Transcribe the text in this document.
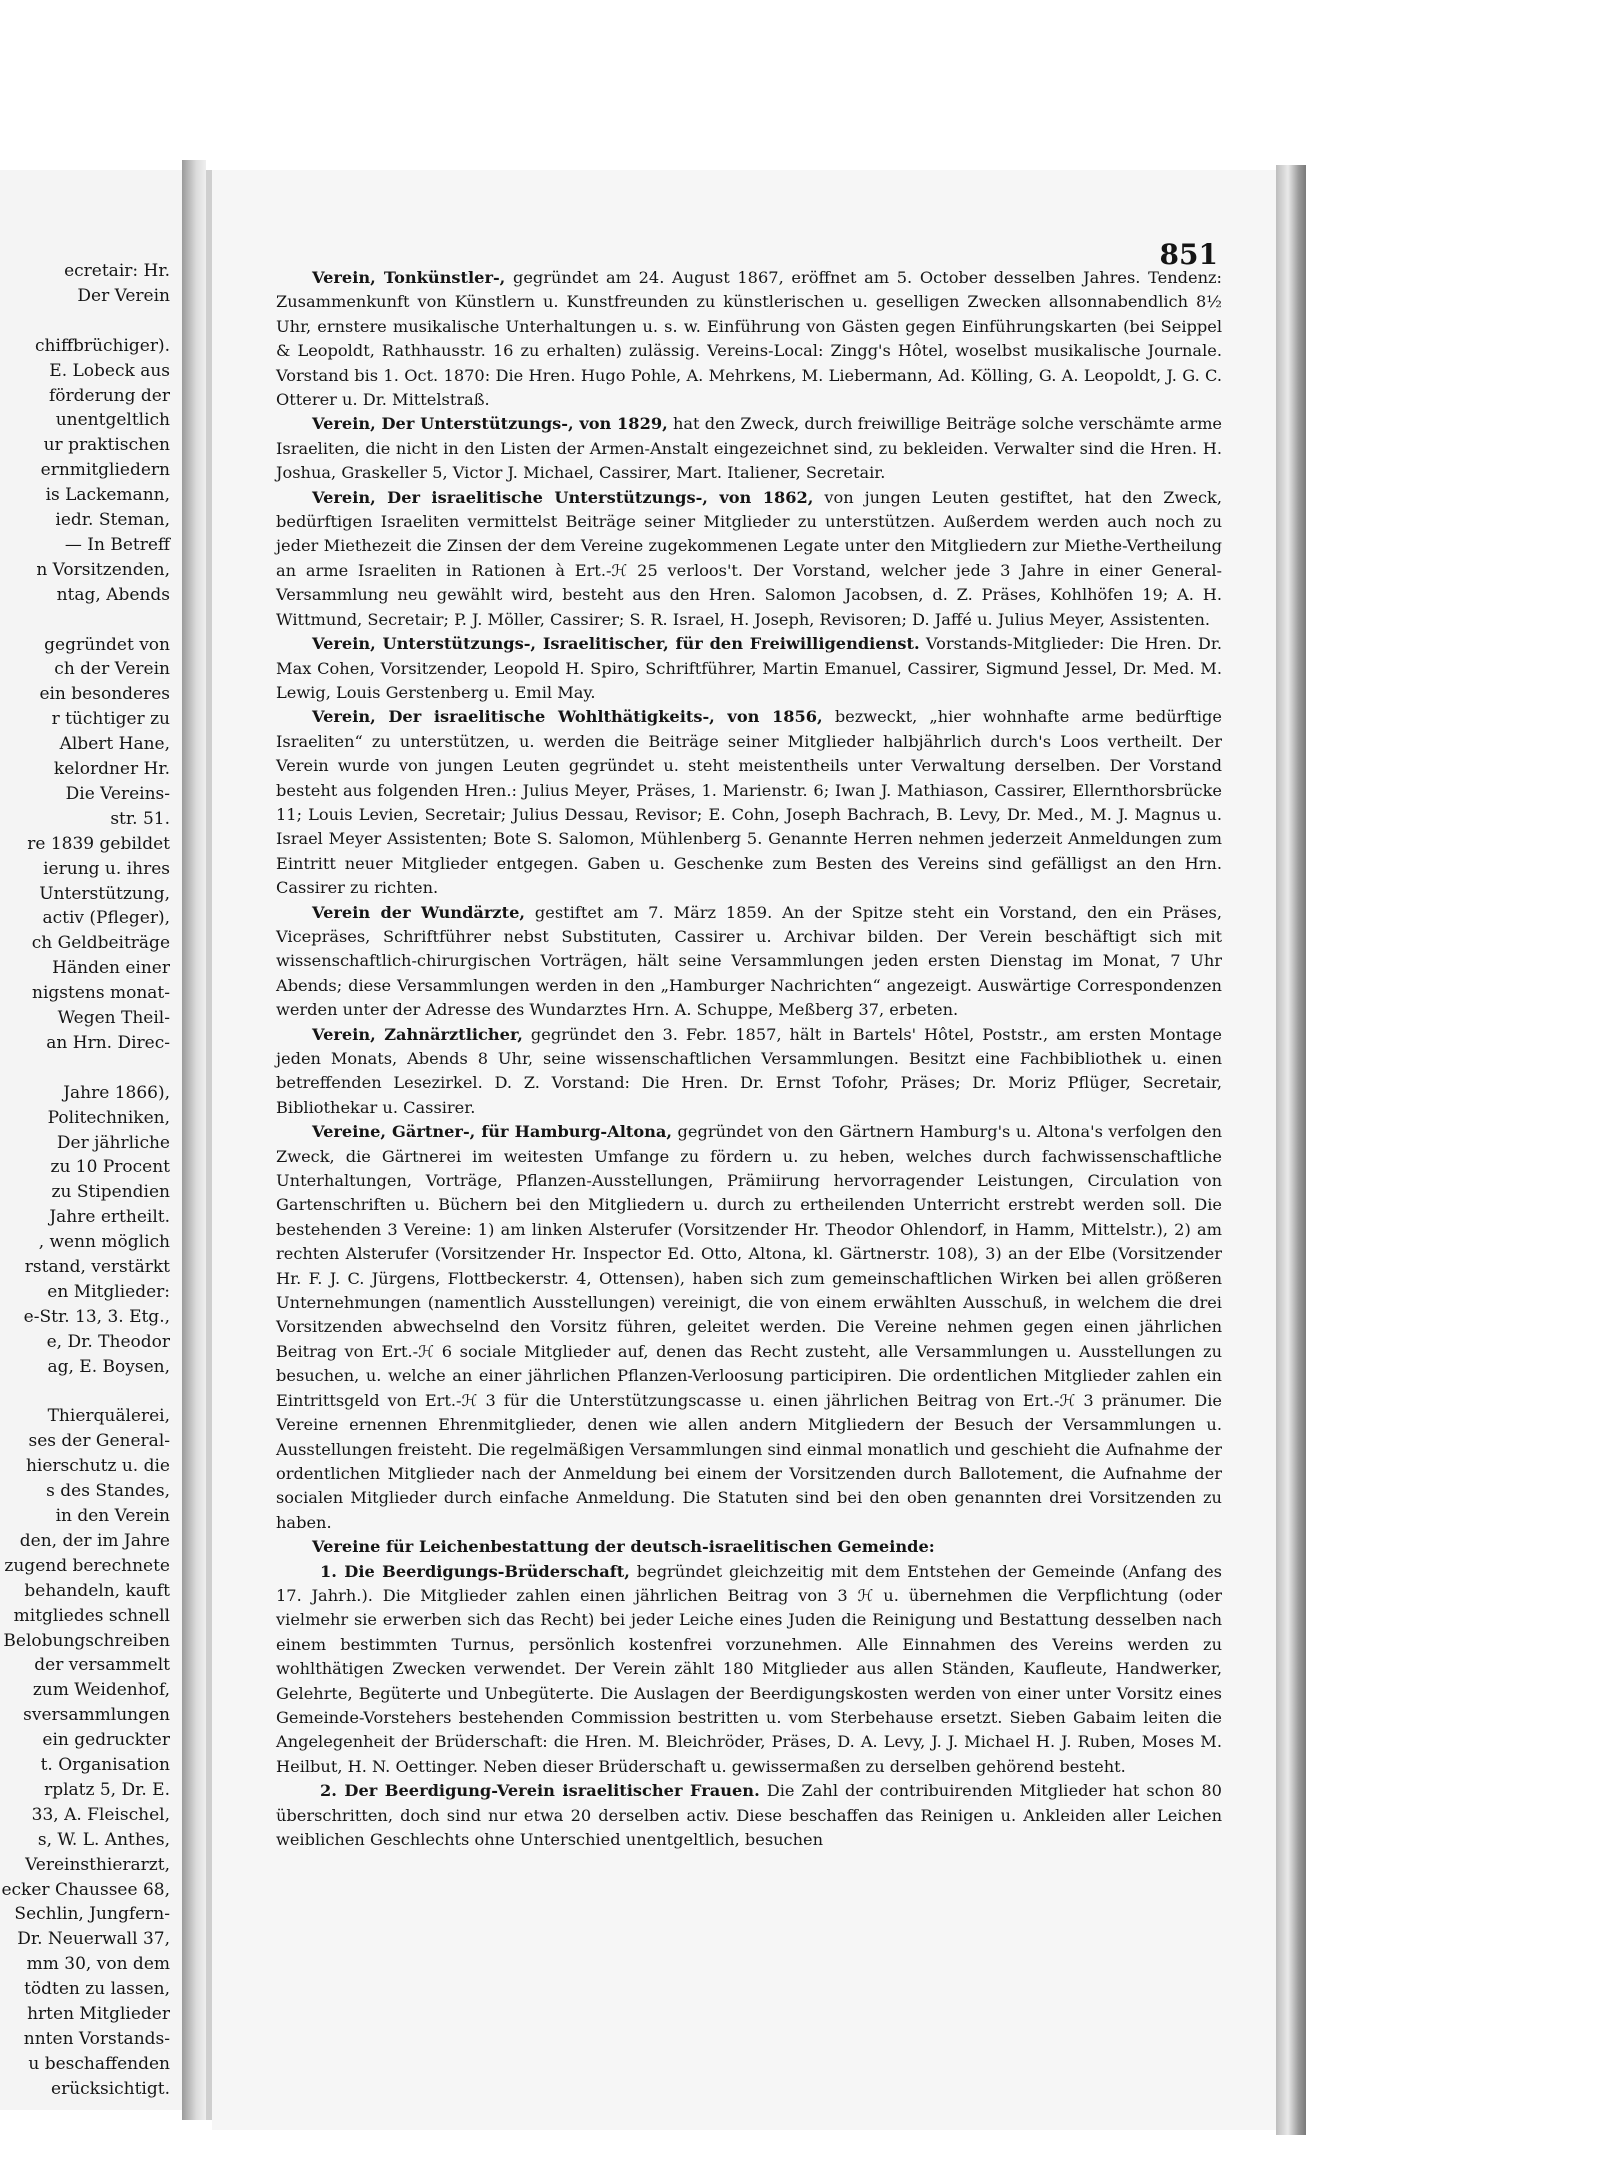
ecretair: Hr.
Der Verein
chiffbrüchiger).
E. Lobeck aus
förderung der
unentgeltlich
ur praktischen
ernmitgliedern
is Lackemann,
iedr. Steman,
— In Betreff
n Vorsitzenden,
ntag, Abends
gegründet von
ch der Verein
ein besonderes
r tüchtiger zu
Albert Hane,
kelordner Hr.
Die Vereins-
str. 51.
re 1839 gebildet
ierung u. ihres
Unterstützung,
activ (Pfleger),
ch Geldbeiträge
Händen einer
nigstens monat-
Wegen Theil-
an Hrn. Direc-
Jahre 1866),
Politechniken,
Der jährliche
zu 10 Procent
zu Stipendien
Jahre ertheilt.
, wenn möglich
rstand, verstärkt
en Mitglieder:
e-Str. 13, 3. Etg.,
e, Dr. Theodor
ag, E. Boysen,
Thierquälerei,
ses der General-
hierschutz u. die
s des Standes,
in den Verein
den, der im Jahre
zugend berechnete
behandeln, kauft
mitgliedes schnell
Belobungschreiben
der versammelt
zum Weidenhof,
sversammlungen
ein gedruckter
t. Organisation
rplatz 5, Dr. E.
33, A. Fleischel,
s, W. L. Anthes,
Vereinsthierarzt,
ecker Chaussee 68,
Sechlin, Jungfern-
Dr. Neuerwall 37,
mm 30, von dem
tödten zu lassen,
hrten Mitglieder
nnten Vorstands-
u beschaffenden
erücksichtigt.
851

Verein, Tonkünstler-, gegründet am 24. August 1867, eröffnet am 5. October desselben Jahres. Tendenz: Zusammenkunft von Künstlern u. Kunstfreunden zu künstlerischen u. geselligen Zwecken allsonnabendlich 8½ Uhr, ernstere musikalische Unterhaltungen u. s. w. Einführung von Gästen gegen Einführungskarten (bei Seippel & Leopoldt, Rathhausstr. 16 zu erhalten) zulässig. Vereins-Local: Zingg's Hôtel, woselbst musikalische Journale. Vorstand bis 1. Oct. 1870: Die Hren. Hugo Pohle, A. Mehrkens, M. Liebermann, Ad. Kölling, G. A. Leopoldt, J. G. C. Otterer u. Dr. Mittelstraß.

Verein, Der Unterstützungs-, von 1829, hat den Zweck, durch freiwillige Beiträge solche verschämte arme Israeliten, die nicht in den Listen der Armen-Anstalt eingezeichnet sind, zu bekleiden. Verwalter sind die Hren. H. Joshua, Graskeller 5, Victor J. Michael, Cassirer, Mart. Italiener, Secretair.

Verein, Der israelitische Unterstützungs-, von 1862, von jungen Leuten gestiftet, hat den Zweck, bedürftigen Israeliten vermittelst Beiträge seiner Mitglieder zu unterstützen. Außerdem werden auch noch zu jeder Miethezeit die Zinsen der dem Vereine zugekommenen Legate unter den Mitgliedern zur Miethe-Vertheilung an arme Israeliten in Rationen à Ert.-ℋ 25 verloos't. Der Vorstand, welcher jede 3 Jahre in einer General-Versammlung neu gewählt wird, besteht aus den Hren. Salomon Jacobsen, d. Z. Präses, Kohlhöfen 19; A. H. Wittmund, Secretair; P. J. Möller, Cassirer; S. R. Israel, H. Joseph, Revisoren; D. Jaffé u. Julius Meyer, Assistenten.

Verein, Unterstützungs-, Israelitischer, für den Freiwilligendienst. Vorstands-Mitglieder: Die Hren. Dr. Max Cohen, Vorsitzender, Leopold H. Spiro, Schriftführer, Martin Emanuel, Cassirer, Sigmund Jessel, Dr. Med. M. Lewig, Louis Gerstenberg u. Emil May.

Verein, Der israelitische Wohlthätigkeits-, von 1856, bezweckt, „hier wohnhafte arme bedürftige Israeliten“ zu unterstützen, u. werden die Beiträge seiner Mitglieder halbjährlich durch's Loos vertheilt. Der Verein wurde von jungen Leuten gegründet u. steht meistentheils unter Verwaltung derselben. Der Vorstand besteht aus folgenden Hren.: Julius Meyer, Präses, 1. Marienstr. 6; Iwan J. Mathiason, Cassirer, Ellernthorsbrücke 11; Louis Levien, Secretair; Julius Dessau, Revisor; E. Cohn, Joseph Bachrach, B. Levy, Dr. Med., M. J. Magnus u. Israel Meyer Assistenten; Bote S. Salomon, Mühlenberg 5. Genannte Herren nehmen jederzeit Anmeldungen zum Eintritt neuer Mitglieder entgegen. Gaben u. Geschenke zum Besten des Vereins sind gefälligst an den Hrn. Cassirer zu richten.

Verein der Wundärzte, gestiftet am 7. März 1859. An der Spitze steht ein Vorstand, den ein Präses, Vicepräses, Schriftführer nebst Substituten, Cassirer u. Archivar bilden. Der Verein beschäftigt sich mit wissenschaftlich-chirurgischen Vorträgen, hält seine Versammlungen jeden ersten Dienstag im Monat, 7 Uhr Abends; diese Versammlungen werden in den „Hamburger Nachrichten“ angezeigt. Auswärtige Correspondenzen werden unter der Adresse des Wundarztes Hrn. A. Schuppe, Meßberg 37, erbeten.

Verein, Zahnärztlicher, gegründet den 3. Febr. 1857, hält in Bartels' Hôtel, Poststr., am ersten Montage jeden Monats, Abends 8 Uhr, seine wissenschaftlichen Versammlungen. Besitzt eine Fachbibliothek u. einen betreffenden Lesezirkel. D. Z. Vorstand: Die Hren. Dr. Ernst Tofohr, Präses; Dr. Moriz Pflüger, Secretair, Bibliothekar u. Cassirer.

Vereine, Gärtner-, für Hamburg-Altona, gegründet von den Gärtnern Hamburg's u. Altona's verfolgen den Zweck, die Gärtnerei im weitesten Umfange zu fördern u. zu heben, welches durch fachwissenschaftliche Unterhaltungen, Vorträge, Pflanzen-Ausstellungen, Prämiirung hervorragender Leistungen, Circulation von Gartenschriften u. Büchern bei den Mitgliedern u. durch zu ertheilenden Unterricht erstrebt werden soll. Die bestehenden 3 Vereine: 1) am linken Alsterufer (Vorsitzender Hr. Theodor Ohlendorf, in Hamm, Mittelstr.), 2) am rechten Alsterufer (Vorsitzender Hr. Inspector Ed. Otto, Altona, kl. Gärtnerstr. 108), 3) an der Elbe (Vorsitzender Hr. F. J. C. Jürgens, Flottbeckerstr. 4, Ottensen), haben sich zum gemeinschaftlichen Wirken bei allen größeren Unternehmungen (namentlich Ausstellungen) vereinigt, die von einem erwählten Ausschuß, in welchem die drei Vorsitzenden abwechselnd den Vorsitz führen, geleitet werden. Die Vereine nehmen gegen einen jährlichen Beitrag von Ert.-ℋ 6 sociale Mitglieder auf, denen das Recht zusteht, alle Versammlungen u. Ausstellungen zu besuchen, u. welche an einer jährlichen Pflanzen-Verloosung participiren. Die ordentlichen Mitglieder zahlen ein Eintrittsgeld von Ert.-ℋ 3 für die Unterstützungscasse u. einen jährlichen Beitrag von Ert.-ℋ 3 pränumer. Die Vereine ernennen Ehrenmitglieder, denen wie allen andern Mitgliedern der Besuch der Versammlungen u. Ausstellungen freisteht. Die regelmäßigen Versammlungen sind einmal monatlich und geschieht die Aufnahme der ordentlichen Mitglieder nach der Anmeldung bei einem der Vorsitzenden durch Ballotement, die Aufnahme der socialen Mitglieder durch einfache Anmeldung. Die Statuten sind bei den oben genannten drei Vorsitzenden zu haben.

Vereine für Leichenbestattung der deutsch-israelitischen Gemeinde:

1. Die Beerdigungs-Brüderschaft, begründet gleichzeitig mit dem Entstehen der Gemeinde (Anfang des 17. Jahrh.). Die Mitglieder zahlen einen jährlichen Beitrag von 3 ℋ u. übernehmen die Verpflichtung (oder vielmehr sie erwerben sich das Recht) bei jeder Leiche eines Juden die Reinigung und Bestattung desselben nach einem bestimmten Turnus, persönlich kostenfrei vorzunehmen. Alle Einnahmen des Vereins werden zu wohlthätigen Zwecken verwendet. Der Verein zählt 180 Mitglieder aus allen Ständen, Kaufleute, Handwerker, Gelehrte, Begüterte und Unbegüterte. Die Auslagen der Beerdigungskosten werden von einer unter Vorsitz eines Gemeinde-Vorstehers bestehenden Commission bestritten u. vom Sterbehause ersetzt. Sieben Gabaim leiten die Angelegenheit der Brüderschaft: die Hren. M. Bleichröder, Präses, D. A. Levy, J. J. Michael H. J. Ruben, Moses M. Heilbut, H. N. Oettinger. Neben dieser Brüderschaft u. gewissermaßen zu derselben gehörend besteht.

2. Der Beerdigung-Verein israelitischer Frauen. Die Zahl der contribuirenden Mitglieder hat schon 80 überschritten, doch sind nur etwa 20 derselben activ. Diese beschaffen das Reinigen u. Ankleiden aller Leichen weiblichen Geschlechts ohne Unterschied unentgeltlich, besuchen
